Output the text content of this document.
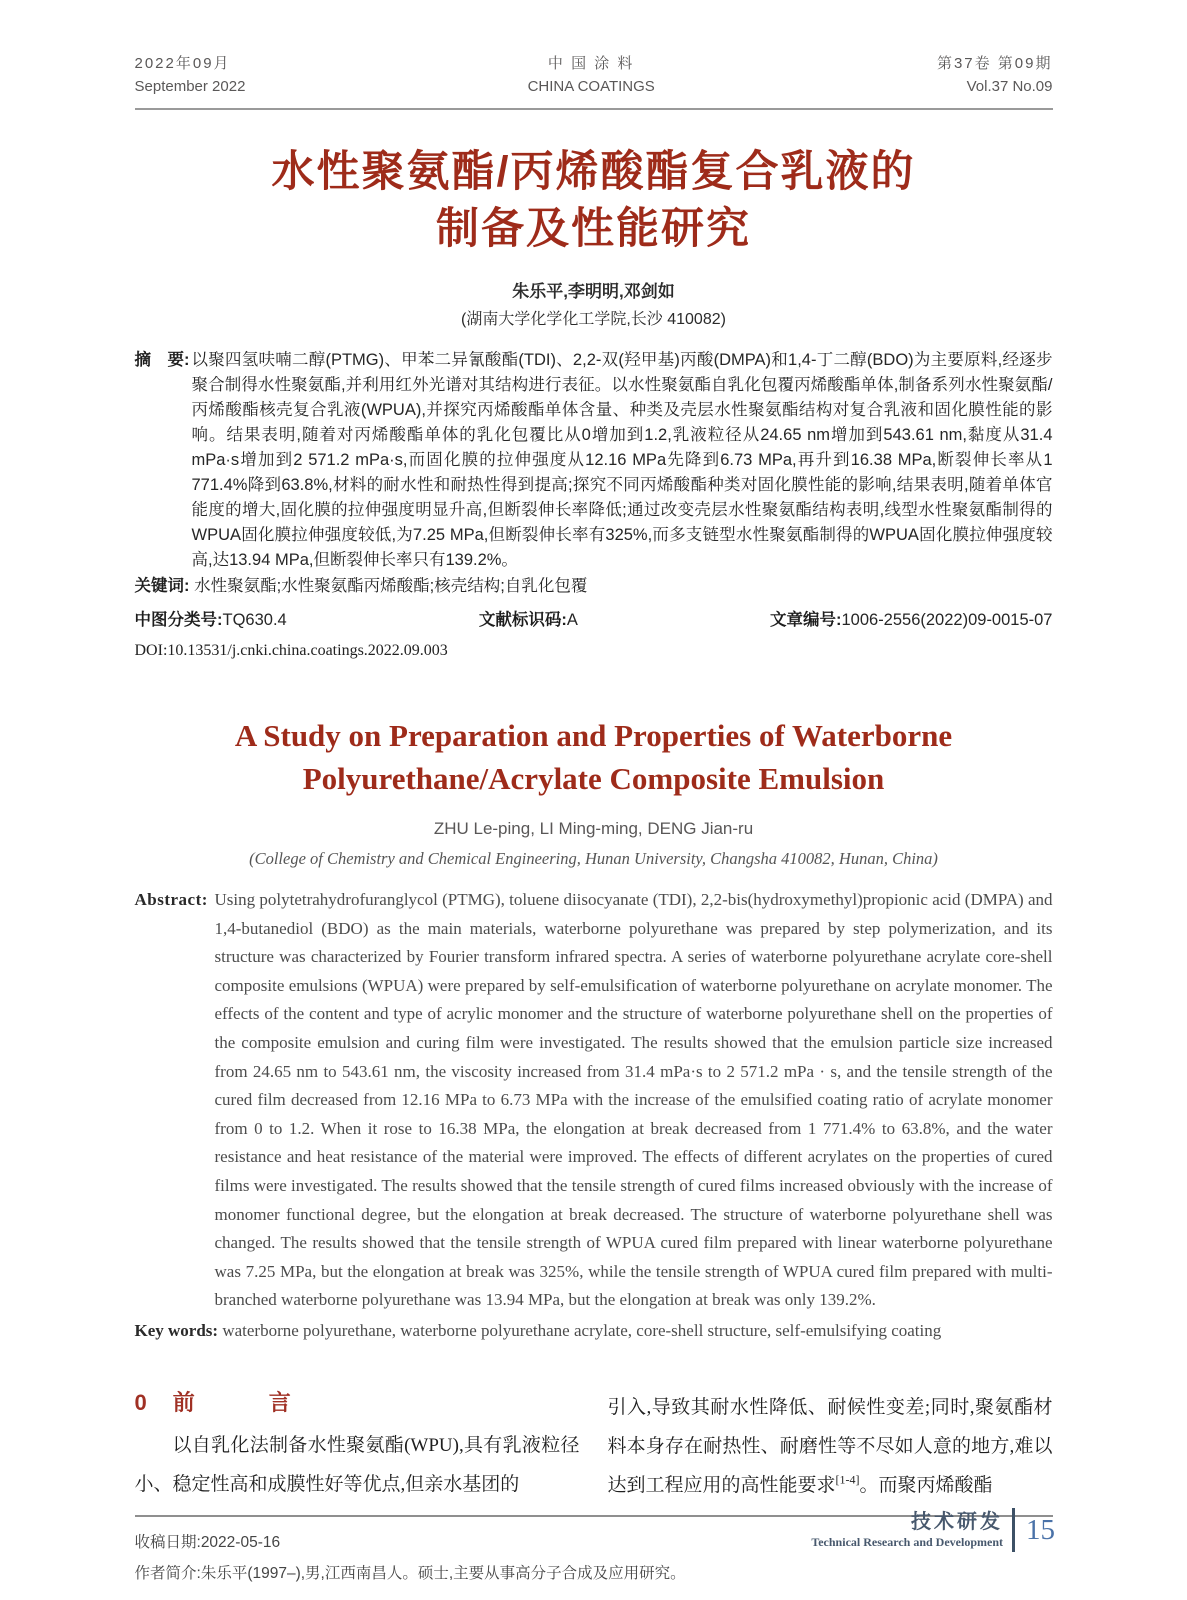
2022年09月
September 2022
中 国 涂 料
CHINA COATINGS
第37卷 第09期
Vol.37 No.09
水性聚氨酯/丙烯酸酯复合乳液的
制备及性能研究
朱乐平,李明明,邓剑如
(湖南大学化学化工学院,长沙 410082)

摘　要: 以聚四氢呋喃二醇(PTMG)、甲苯二异氰酸酯(TDI)、2,2-双(羟甲基)丙酸(DMPA)和1,4-丁二醇(BDO)为主要原料,经逐步聚合制得水性聚氨酯,并利用红外光谱对其结构进行表征。以水性聚氨酯自乳化包覆丙烯酸酯单体,制备系列水性聚氨酯/丙烯酸酯核壳复合乳液(WPUA),并探究丙烯酸酯单体含量、种类及壳层水性聚氨酯结构对复合乳液和固化膜性能的影响。结果表明,随着对丙烯酸酯单体的乳化包覆比从0增加到1.2,乳液粒径从24.65 nm增加到543.61 nm,黏度从31.4 mPa·s增加到2 571.2 mPa·s,而固化膜的拉伸强度从12.16 MPa先降到6.73 MPa,再升到16.38 MPa,断裂伸长率从1 771.4%降到63.8%,材料的耐水性和耐热性得到提高;探究不同丙烯酸酯种类对固化膜性能的影响,结果表明,随着单体官能度的增大,固化膜的拉伸强度明显升高,但断裂伸长率降低;通过改变壳层水性聚氨酯结构表明,线型水性聚氨酯制得的WPUA固化膜拉伸强度较低,为7.25 MPa,但断裂伸长率有325%,而多支链型水性聚氨酯制得的WPUA固化膜拉伸强度较高,达13.94 MPa,但断裂伸长率只有139.2%。

关键词: 水性聚氨酯;水性聚氨酯丙烯酸酯;核壳结构;自乳化包覆

中图分类号:TQ630.4	文献标识码:A	文章编号:1006-2556(2022)09-0015-07
DOI:10.13531/j.cnki.china.coatings.2022.09.003
A Study on Preparation and Properties of Waterborne
Polyurethane/Acrylate Composite Emulsion
ZHU Le-ping, LI Ming-ming, DENG Jian-ru
(College of Chemistry and Chemical Engineering, Hunan University, Changsha 410082, Hunan, China)

Abstract: Using polytetrahydrofuranglycol (PTMG), toluene diisocyanate (TDI), 2,2-bis(hydroxymethyl)propionic acid (DMPA) and 1,4-butanediol (BDO) as the main materials, waterborne polyurethane was prepared by step polymerization, and its structure was characterized by Fourier transform infrared spectra. A series of waterborne polyurethane acrylate core-shell composite emulsions (WPUA) were prepared by self-emulsification of waterborne polyurethane on acrylate monomer. The effects of the content and type of acrylic monomer and the structure of waterborne polyurethane shell on the properties of the composite emulsion and curing film were investigated. The results showed that the emulsion particle size increased from 24.65 nm to 543.61 nm, the viscosity increased from 31.4 mPa·s to 2 571.2 mPa · s, and the tensile strength of the cured film decreased from 12.16 MPa to 6.73 MPa with the increase of the emulsified coating ratio of acrylate monomer from 0 to 1.2. When it rose to 16.38 MPa, the elongation at break decreased from 1 771.4% to 63.8%, and the water resistance and heat resistance of the material were improved. The effects of different acrylates on the properties of cured films were investigated. The results showed that the tensile strength of cured films increased obviously with the increase of monomer functional degree, but the elongation at break decreased. The structure of waterborne polyurethane shell was changed. The results showed that the tensile strength of WPUA cured film prepared with linear waterborne polyurethane was 7.25 MPa, but the elongation at break was 325%, while the tensile strength of WPUA cured film prepared with multi-branched waterborne polyurethane was 13.94 MPa, but the elongation at break was only 139.2%.

Key words: waterborne polyurethane, waterborne polyurethane acrylate, core-shell structure, self-emulsifying coating

0 前　言

以自乳化法制备水性聚氨酯(WPU),具有乳液粒径小、稳定性高和成膜性好等优点,但亲水基团的

引入,导致其耐水性降低、耐候性变差;同时,聚氨酯材料本身存在耐热性、耐磨性等不尽如人意的地方,难以达到工程应用的高性能要求[1-4]。而聚丙烯酸酯

收稿日期:2022-05-16
作者简介:朱乐平(1997–),男,江西南昌人。硕士,主要从事高分子合成及应用研究。
技术研发
Technical Research and Development 15
